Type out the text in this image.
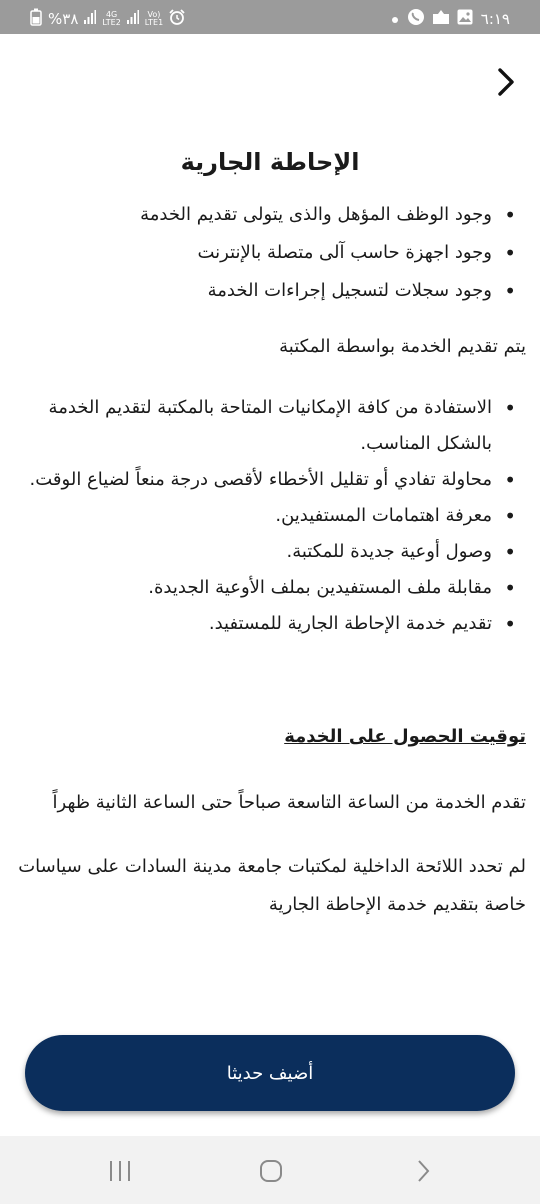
%٣٨	4G
LTE2
Vo)
LTE1	٦:١٩
الإحاطة الجارية
• وجود الوظف المؤهل والذى يتولى تقديم الخدمة
• وجود اجهزة حاسب آلى متصلة بالإنترنت
• وجود سجلات لتسجيل إجراءات الخدمة
يتم تقديم الخدمة بواسطة المكتبة
• الاستفادة من كافة الإمكانيات المتاحة بالمكتبة لتقديم الخدمة بالشكل المناسب.
• محاولة تفادي أو تقليل الأخطاء لأقصى درجة منعاً لضياع الوقت.
• معرفة اهتمامات المستفيدين.
• وصول أوعية جديدة للمكتبة.
• مقابلة ملف المستفيدين بملف الأوعية الجديدة.
• تقديم خدمة الإحاطة الجارية للمستفيد.
توقيت الحصول على الخدمة
تقدم الخدمة من الساعة التاسعة صباحاً حتى الساعة الثانية ظهراً
لم تحدد اللائحة الداخلية لمكتبات جامعة مدينة السادات على سياسات خاصة بتقديم خدمة الإحاطة الجارية
أضيف حديثا
